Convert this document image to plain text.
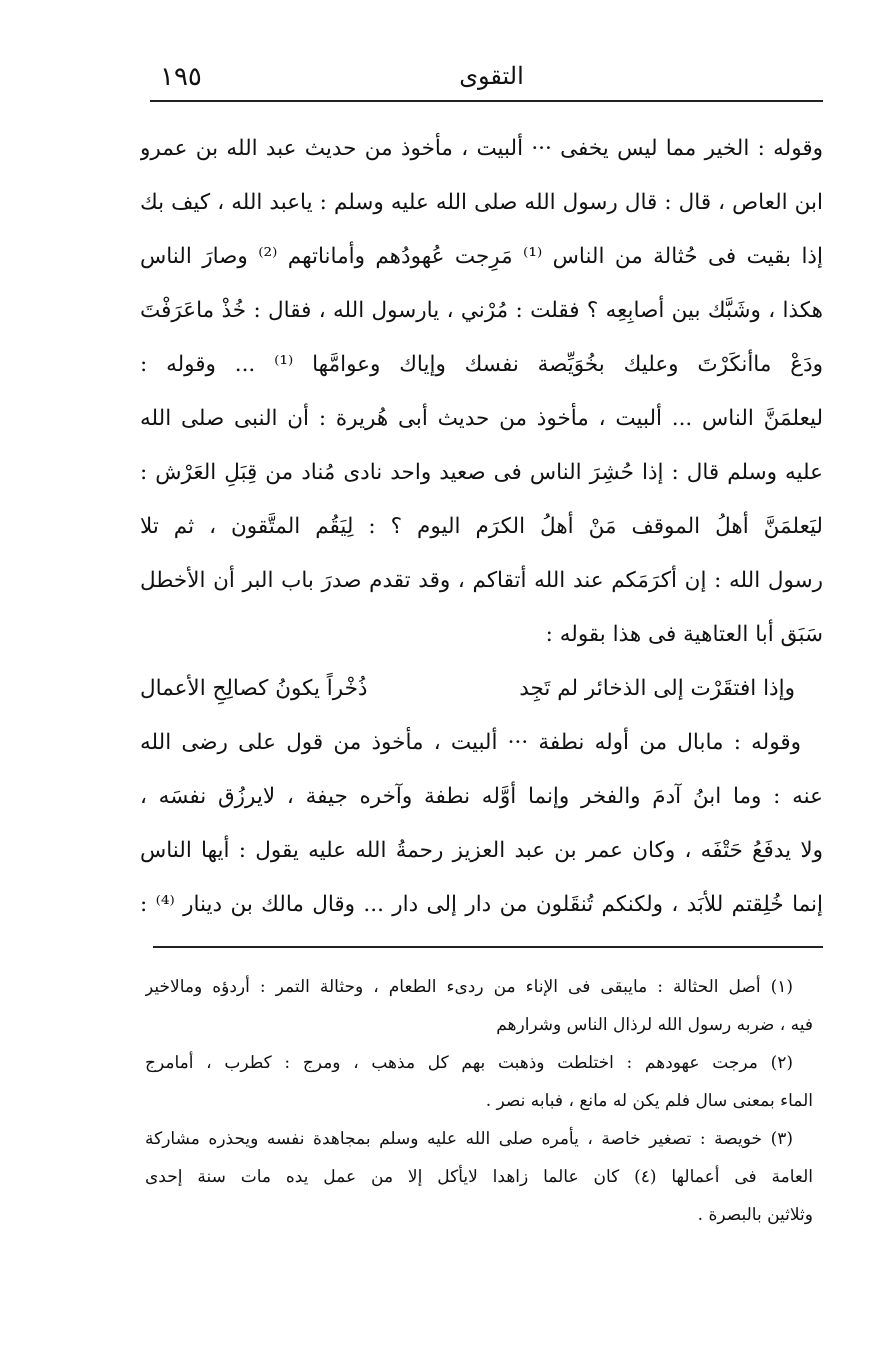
١٩٥	التقوى
وقوله : الخير مما ليس يخفى ··· ألبيت ، مأخوذ من حديث عبد الله بن عمرو
ابن العاص ، قال : قال رسول الله صلى الله عليه وسلم : ياعبد الله ، كيف بك
إذا بقيت فى حُثالة من الناس ⁽¹⁾ مَرِجت عُهودُهم وأماناتهم ⁽²⁾ وصارَ الناس
هكذا ، وشَبَّك بين أصابِعِه ؟ فقلت : مُرْني ، يارسول الله ، فقال : خُذْ ماعَرَفْتَ
ودَعْ ماأنكَرْتَ وعليك بخُوَيِّصة نفسك وإياك وعوامَّها ⁽¹⁾ ... وقوله :
ليعلمَنَّ الناس ... ألبيت ، مأخوذ من حديث أبى هُريرة : أن النبى صلى الله
عليه وسلم قال : إذا حُشِرَ الناس فى صعيد واحد نادى مُناد من قِبَلِ العَرْش :
ليَعلمَنَّ أهلُ الموقف مَنْ أهلُ الكرَم اليوم ؟ : لِيَقُم المتَّقون ، ثم تلا
رسول الله : إن أكرَمَكم عند الله أتقاكم ، وقد تقدم صدرَ باب البر أن الأخطل
سَبَق أبا العتاهية فى هذا بقوله :
وإذا افتقَرْت إلى الذخائر لم تَجِد
ذُخْراً يكونُ كصالِحِ الأعمال
وقوله : مابال من أوله نطفة ··· ألبيت ، مأخوذ من قول على رضى الله
عنه : وما ابنُ آدمَ والفخر وإنما أوَّله نطفة وآخره جيفة ، لايرزُق نفسَه ،
ولا يدفَعُ حَتْفَه ، وكان عمر بن عبد العزيز رحمةُ الله عليه يقول : أيها الناس
إنما خُلِقتم للأبَد ، ولكنكم تُنقَلون من دار إلى دار ... وقال مالك بن دينار ⁽⁴⁾ :
(١) أصل الحثالة : مايبقى فى الإناء من ردىء الطعام ، وحثالة التمر : أردؤه ومالاخير
فيه ، ضربه رسول الله لرذال الناس وشرارهم
(٢) مرجت عهودهم : اختلطت وذهبت بهم كل مذهب ، ومرج : كطرب ، أمامرج
الماء بمعنى سال فلم يكن له مانع ، فبابه نصر .
(٣) خويصة : تصغير خاصة ، يأمره صلى الله عليه وسلم بمجاهدة نفسه ويحذره مشاركة
العامة فى أعمالها (٤) كان عالما زاهدا لايأكل إلا من عمل يده مات سنة إحدى
وثلاثين بالبصرة .
